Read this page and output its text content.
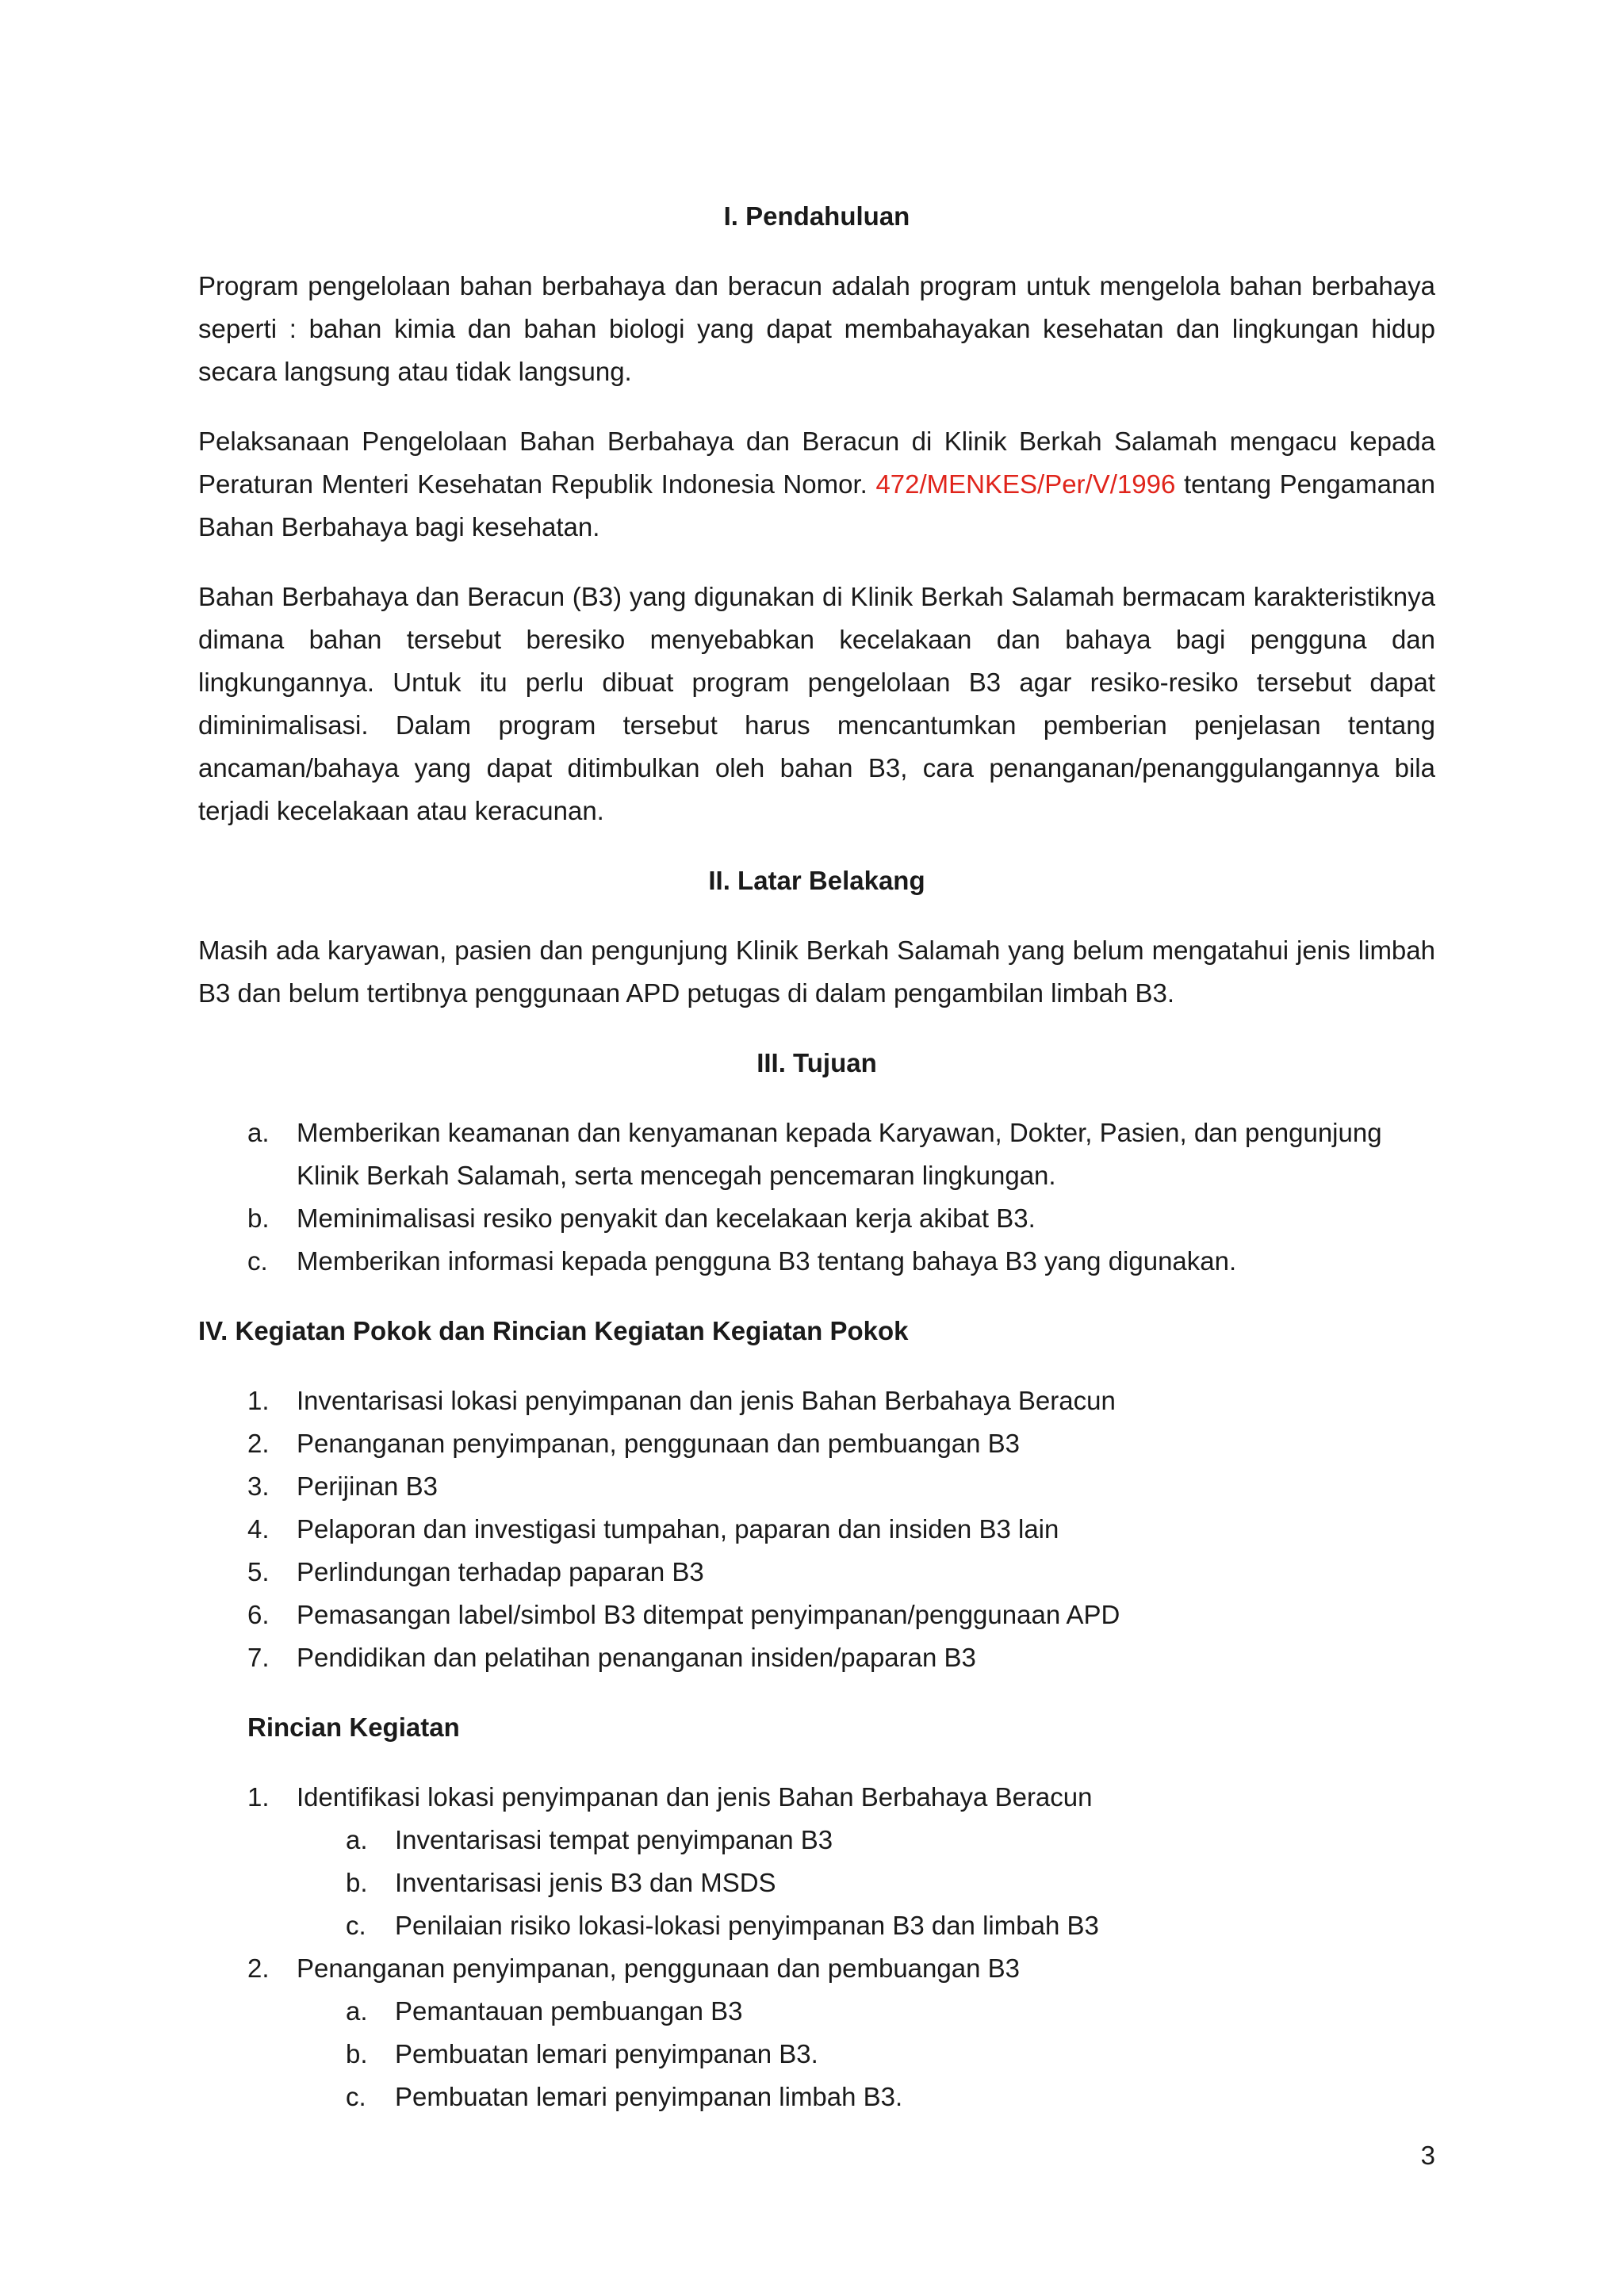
I. Pendahuluan

Program pengelolaan bahan berbahaya dan beracun adalah program untuk mengelola bahan berbahaya seperti : bahan kimia dan bahan biologi yang dapat membahayakan kesehatan dan lingkungan hidup secara langsung atau tidak langsung.

Pelaksanaan Pengelolaan Bahan Berbahaya dan Beracun di Klinik Berkah Salamah mengacu kepada Peraturan Menteri Kesehatan Republik Indonesia Nomor. 472/MENKES/Per/V/1996 tentang Pengamanan Bahan Berbahaya bagi kesehatan.

Bahan Berbahaya dan Beracun (B3) yang digunakan di Klinik Berkah Salamah bermacam karakteristiknya dimana bahan tersebut beresiko menyebabkan kecelakaan dan bahaya bagi pengguna dan lingkungannya. Untuk itu perlu dibuat program pengelolaan B3 agar resiko-resiko tersebut dapat diminimalisasi. Dalam program tersebut harus mencantumkan pemberian penjelasan tentang ancaman/bahaya yang dapat ditimbulkan oleh bahan B3, cara penanganan/penanggulangannya bila terjadi kecelakaan atau keracunan.

II. Latar Belakang

Masih ada karyawan, pasien dan pengunjung Klinik Berkah Salamah yang belum mengatahui jenis limbah B3 dan belum tertibnya penggunaan APD petugas di dalam pengambilan limbah B3.

III. Tujuan
a.	Memberikan keamanan dan kenyamanan kepada Karyawan, Dokter, Pasien, dan pengunjung Klinik Berkah Salamah, serta mencegah pencemaran lingkungan.
b.	Meminimalisasi resiko penyakit dan kecelakaan kerja akibat B3.
c.	Memberikan informasi kepada pengguna B3 tentang bahaya B3 yang digunakan.
IV. Kegiatan Pokok dan Rincian Kegiatan Kegiatan Pokok
1.	Inventarisasi lokasi penyimpanan dan jenis Bahan Berbahaya Beracun
2.	Penanganan penyimpanan, penggunaan dan pembuangan B3
3.	Perijinan B3
4.	Pelaporan dan investigasi tumpahan, paparan dan insiden B3 lain
5.	Perlindungan terhadap paparan B3
6.	Pemasangan label/simbol B3 ditempat penyimpanan/penggunaan APD
7.	Pendidikan dan pelatihan penanganan insiden/paparan B3
Rincian Kegiatan
1.	Identifikasi lokasi penyimpanan dan jenis Bahan Berbahaya Beracun
a.	Inventarisasi tempat penyimpanan B3
b.	Inventarisasi jenis B3 dan MSDS
c.	Penilaian risiko lokasi-lokasi penyimpanan B3 dan limbah B3
2.	Penanganan penyimpanan, penggunaan dan pembuangan B3
a.	Pemantauan pembuangan B3
b.	Pembuatan lemari penyimpanan B3.
c.	Pembuatan lemari penyimpanan limbah B3.
3
